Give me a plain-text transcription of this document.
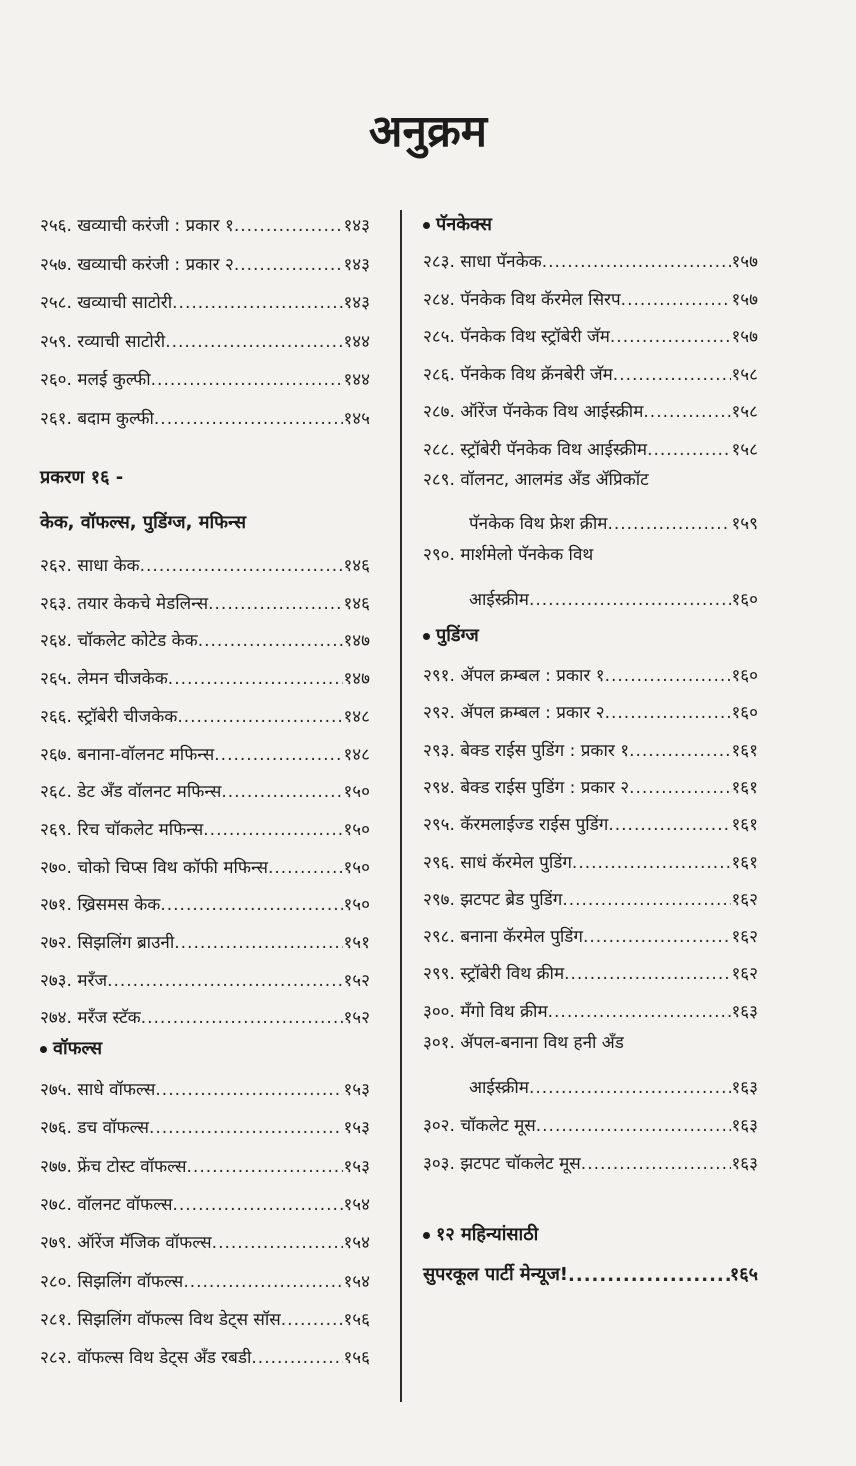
अनुक्रम
२५६. खव्याची करंजी : प्रकार १ .....	१४३
२५७. खव्याची करंजी : प्रकार २ .....	१४३
२५८. खव्याची साटोरी .....	१४३
२५९. रव्याची साटोरी .....	१४४
२६०. मलई कुल्फी .....	१४४
२६१. बदाम कुल्फी .....	१४५
प्रकरण १६ -
केक, वॉफल्स, पुडिंग्ज, मफिन्स
२६२. साधा केक .....	१४६
२६३. तयार केकचे मेडलिन्स .....	१४६
२६४. चॉकलेट कोटेड केक .....	१४७
२६५. लेमन चीजकेक .....	१४७
२६६. स्ट्रॉबेरी चीजकेक .....	१४८
२६७. बनाना-वॉलनट मफिन्स .....	१४८
२६८. डेट अँड वॉलनट मफिन्स .....	१५०
२६९. रिच चॉकलेट मफिन्स .....	१५०
२७०. चोको चिप्स विथ कॉफी मफिन्स .....	१५०
२७१. ख्रिसमस केक .....	१५०
२७२. सिझलिंग ब्राउनी .....	१५१
२७३. मरँज .....	१५२
२७४. मरँज स्टॅक .....	१५२
वॉफल्स
२७५. साधे वॉफल्स .....	१५३
२७६. डच वॉफल्स .....	१५३
२७७. फ्रेंच टोस्ट वॉफल्स .....	१५३
२७८. वॉलनट वॉफल्स .....	१५४
२७९. ऑरेंज मॅजिक वॉफल्स .....	१५४
२८०. सिझलिंग वॉफल्स .....	१५४
२८१. सिझलिंग वॉफल्स विथ डेट्स सॉस .....	१५६
२८२. वॉफल्स विथ डेट्स अँड रबडी .....	१५६
पॅनकेक्स
२८३. साधा पॅनकेक .....	१५७
२८४. पॅनकेक विथ कॅरमेल सिरप .....	१५७
२८५. पॅनकेक विथ स्ट्रॉबेरी जॅम .....	१५७
२८६. पॅनकेक विथ क्रॅनबेरी जॅम .....	१५८
२८७. ऑरेंज पॅनकेक विथ आईस्क्रीम .....	१५८
२८८. स्ट्रॉबेरी पॅनकेक विथ आईस्क्रीम .....	१५८
२८९. वॉलनट, आलमंड अँड ॲप्रिकॉट
पॅनकेक विथ फ्रेश क्रीम .....	१५९
२९०. मार्शमेलो पॅनकेक विथ
आईस्क्रीम .....	१६०
पुडिंग्ज
२९१. ॲपल क्रम्बल : प्रकार १ .....	१६०
२९२. ॲपल क्रम्बल : प्रकार २ .....	१६०
२९३. बेक्ड राईस पुडिंग : प्रकार १ .....	१६१
२९४. बेक्ड राईस पुडिंग : प्रकार २ .....	१६१
२९५. कॅरमलाईज्ड राईस पुडिंग .....	१६१
२९६. साधं कॅरमेल पुडिंग .....	१६१
२९७. झटपट ब्रेड पुडिंग .....	१६२
२९८. बनाना कॅरमेल पुडिंग .....	१६२
२९९. स्ट्रॉबेरी विथ क्रीम .....	१६२
३००. मँगो विथ क्रीम .....	१६३
३०१. ॲपल-बनाना विथ हनी अँड
आईस्क्रीम .....	१६३
३०२. चॉकलेट मूस .....	१६३
३०३. झटपट चॉकलेट मूस .....	१६३
१२ महिन्यांसाठी
सुपरकूल पार्टी मेन्यूज! .....	१६५
